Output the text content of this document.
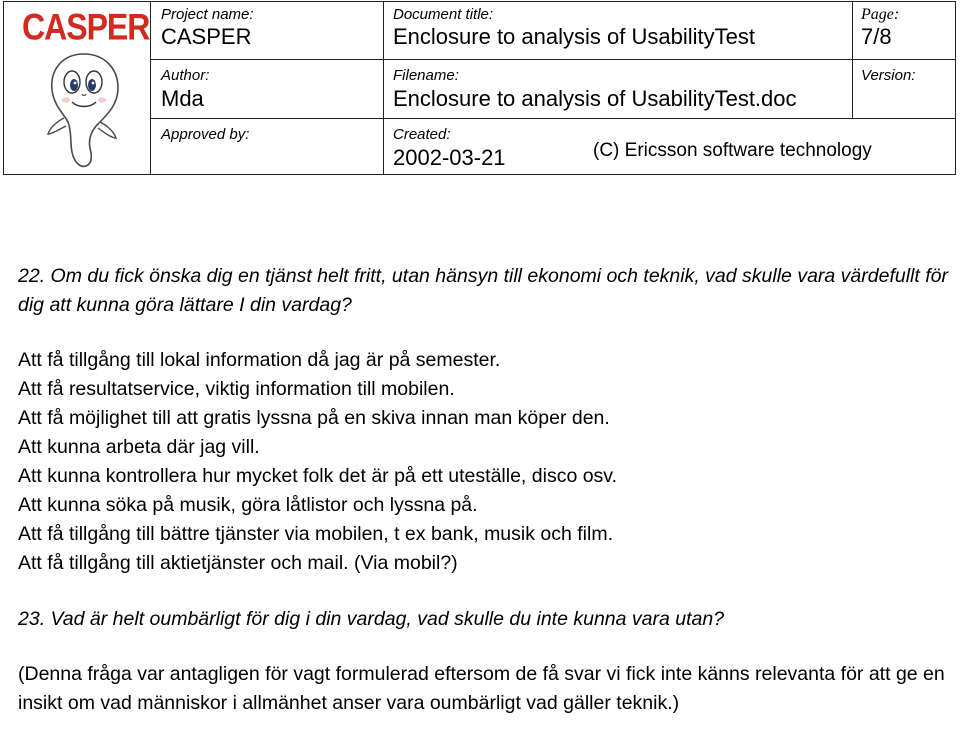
CASPER Project name:
CASPER
Document title:
Enclosure to analysis of UsabilityTest
Page:
7/8
Author:
Mda
Filename:
Enclosure to analysis of UsabilityTest.doc
Version:
Approved by:	Created:
2002-03-21	(C) Ericsson software technology
22. Om du fick önska dig en tjänst helt fritt, utan hänsyn till ekonomi och teknik, vad skulle vara värdefullt för dig att kunna göra lättare I din vardag?
Att få tillgång till lokal information då jag är på semester.
Att få resultatservice, viktig information till mobilen.
Att få möjlighet till att gratis lyssna på en skiva innan man köper den.
Att kunna arbeta där jag vill.
Att kunna kontrollera hur mycket folk det är på ett uteställe, disco osv.
Att kunna söka på musik, göra låtlistor och lyssna på.
Att få tillgång till bättre tjänster via mobilen, t ex bank, musik och film.
Att få tillgång till aktietjänster och mail. (Via mobil?)
23. Vad är helt oumbärligt för dig i din vardag, vad skulle du inte kunna vara utan?
(Denna fråga var antagligen för vagt formulerad eftersom de få svar vi fick inte känns relevanta för att ge en insikt om vad människor i allmänhet anser vara oumbärligt vad gäller teknik.)
